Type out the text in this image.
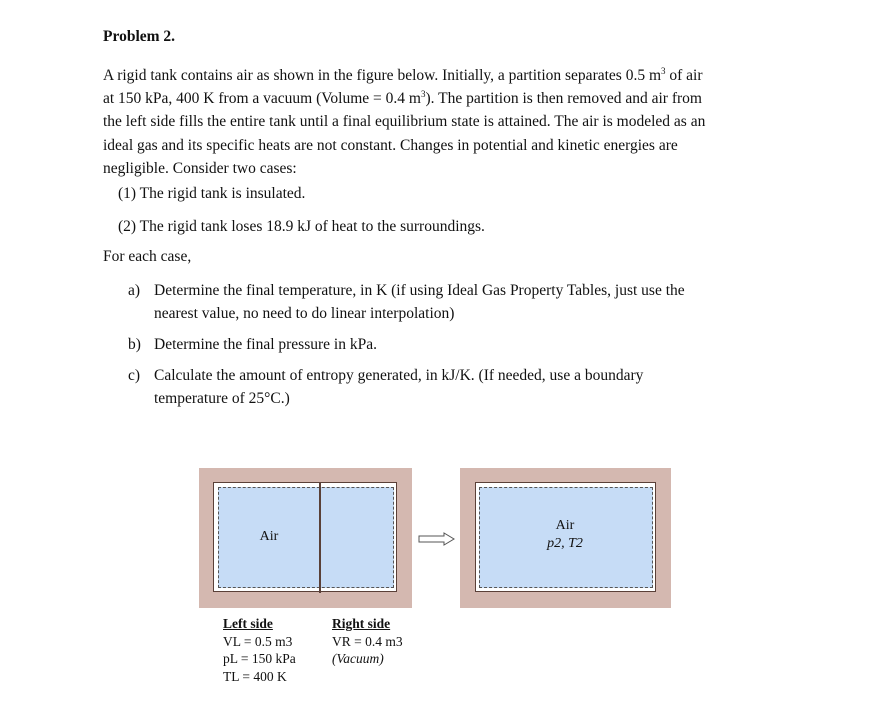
Problem 2.
A rigid tank contains air as shown in the figure below. Initially, a partition separates 0.5 $m^3$ of air
at 150 kPa, 400 K from a vacuum (Volume = 0.4 $m^3$). The partition is then removed and air from
the left side fills the entire tank until a final equilibrium state is attained. The air is modeled as an
ideal gas and its specific heats are not constant. Changes in potential and kinetic energies are
negligible. Consider two cases:
(1) The rigid tank is insulated.
(2) The rigid tank loses 18.9 kJ of heat to the surroundings.
For each case,
a) Determine the final temperature, in K (if using Ideal Gas Property Tables, just use the
nearest value, no need to do linear interpolation)
b) Determine the final pressure in kPa.
c) Calculate the amount of entropy generated, in kJ/K. (If needed, use a boundary
temperature of 25°C.)
Air
Air
p2, T2
Left side
VL = 0.5 m3
pL = 150 kPa
TL = 400 K
Right side
VR = 0.4 m3
(Vacuum)
